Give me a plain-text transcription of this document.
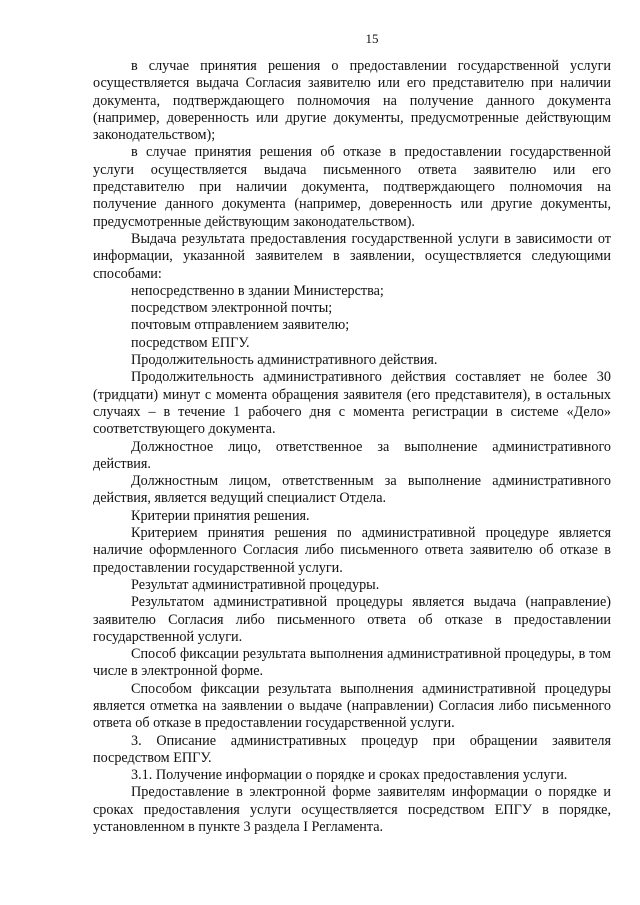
15

в случае принятия решения о предоставлении государственной услуги осуществляется выдача Согласия заявителю или его представителю при наличии документа, подтверждающего полномочия на получение данного документа (например, доверенность или другие документы, предусмотренные действующим законодательством);

в случае принятия решения об отказе в предоставлении государственной услуги осуществляется выдача письменного ответа заявителю или его представителю при наличии документа, подтверждающего полномочия на получение данного документа (например, доверенность или другие документы, предусмотренные действующим законодательством).

Выдача результата предоставления государственной услуги в зависимости от информации, указанной заявителем в заявлении, осуществляется следующими способами:

непосредственно в здании Министерства;

посредством электронной почты;

почтовым отправлением заявителю;

посредством ЕПГУ.

Продолжительность административного действия.

Продолжительность административного действия составляет не более 30 (тридцати) минут с момента обращения заявителя (его представителя), в остальных случаях – в течение 1 рабочего дня с момента регистрации в системе «Дело» соответствующего документа.

Должностное лицо, ответственное за выполнение административного действия.

Должностным лицом, ответственным за выполнение административного действия, является ведущий специалист Отдела.

Критерии принятия решения.

Критерием принятия решения по административной процедуре является наличие оформленного Согласия либо письменного ответа заявителю об отказе в предоставлении государственной услуги.

Результат административной процедуры.

Результатом административной процедуры является выдача (направление) заявителю Согласия либо письменного ответа об отказе в предоставлении государственной услуги.

Способ фиксации результата выполнения административной процедуры, в том числе в электронной форме.

Способом фиксации результата выполнения административной процедуры является отметка на заявлении о выдаче (направлении) Согласия либо письменного ответа об отказе в предоставлении государственной услуги.

3. Описание административных процедур при обращении заявителя посредством ЕПГУ.

3.1. Получение информации о порядке и сроках предоставления услуги.

Предоставление в электронной форме заявителям информации о порядке и сроках предоставления услуги осуществляется посредством ЕПГУ в порядке, установленном в пункте 3 раздела I Регламента.
